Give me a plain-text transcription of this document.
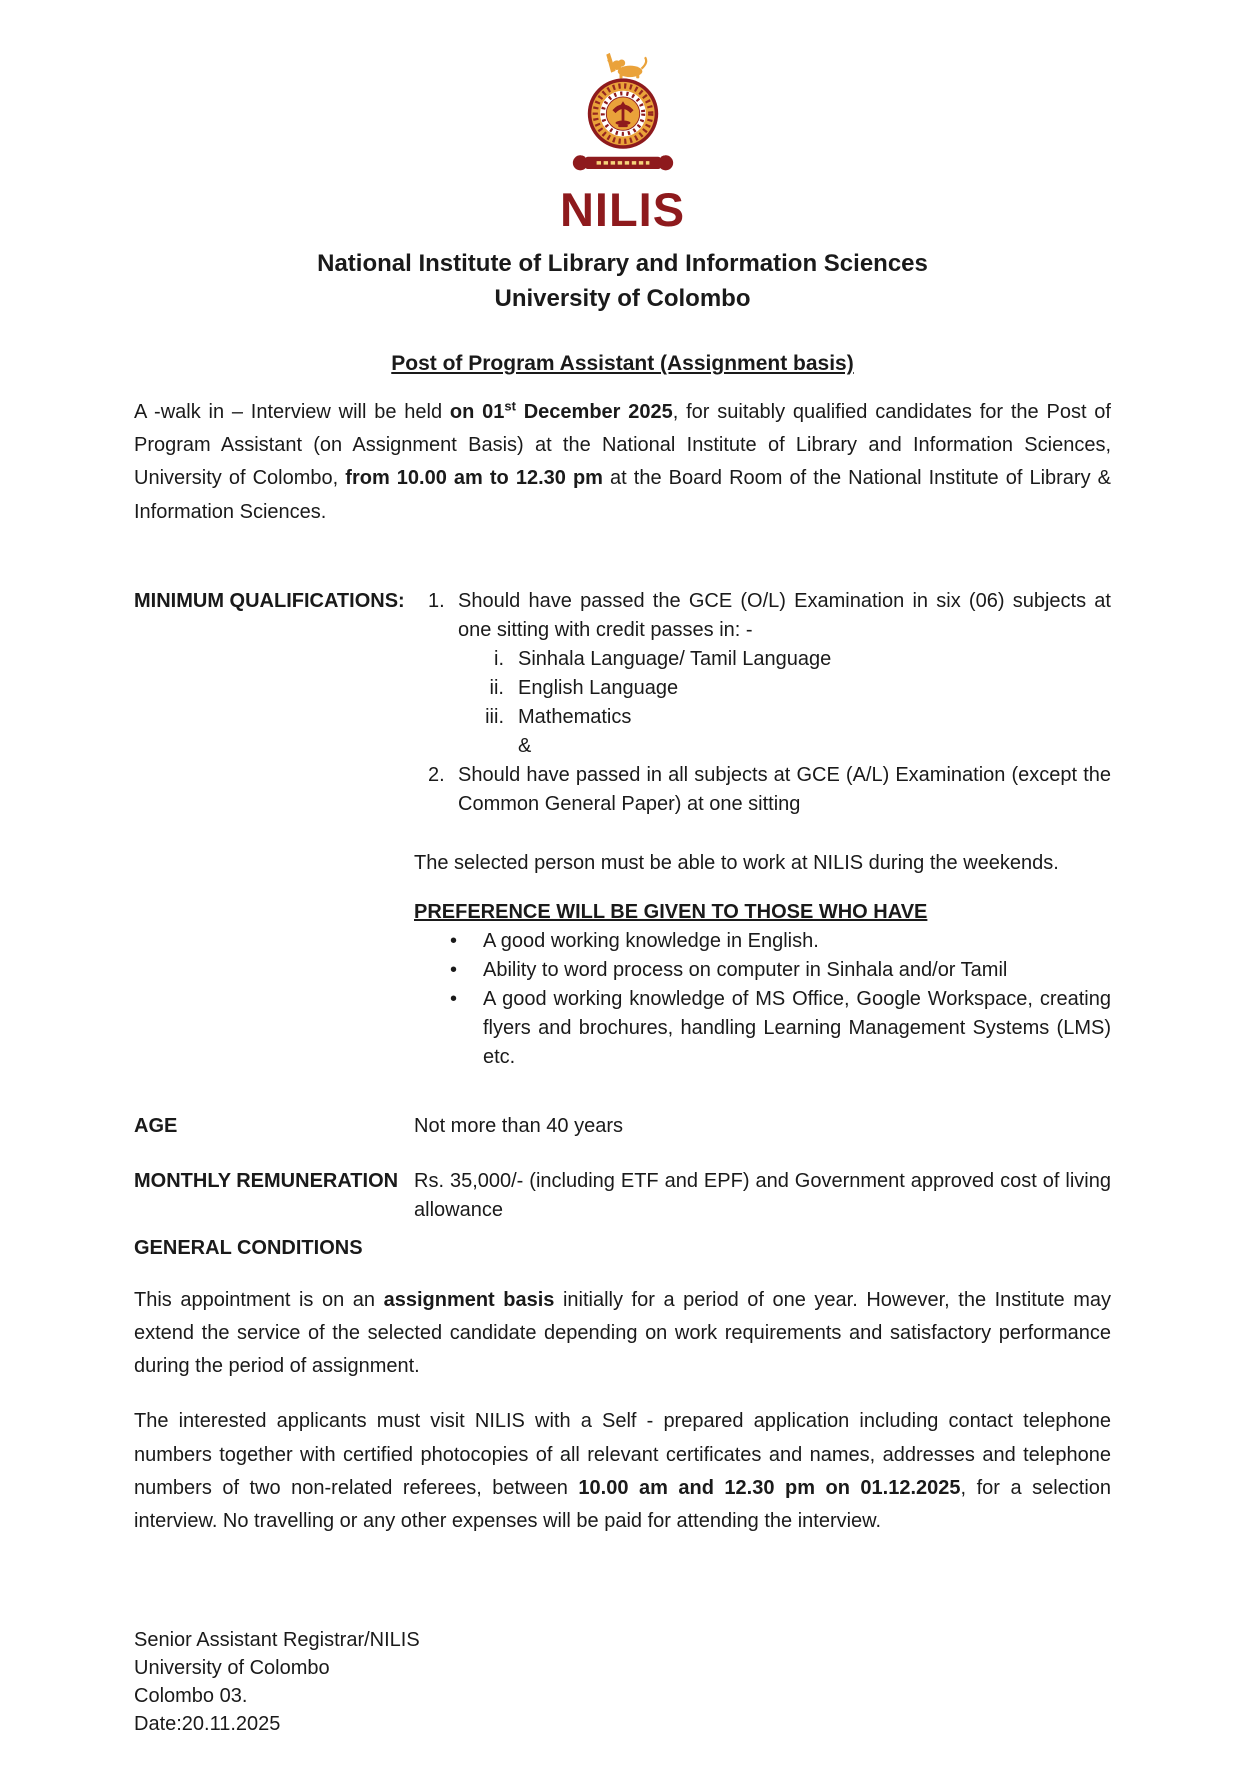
NILIS
National Institute of Library and Information Sciences
University of Colombo
Post of Program Assistant (Assignment basis)

A -walk in – Interview will be held on 01st December 2025, for suitably qualified candidates for the Post of Program Assistant (on Assignment Basis) at the National Institute of Library and Information Sciences, University of Colombo, from 10.00 am to 12.30 pm at the Board Room of the National Institute of Library & Information Sciences.

MINIMUM QUALIFICATIONS:	1. Should have passed the GCE (O/L) Examination in six (06) subjects at one sitting with credit passes in: -
i. Sinhala Language/ Tamil Language
ii. English Language
iii. Mathematics
&
2. Should have passed in all subjects at GCE (A/L) Examination (except the Common General Paper) at one sitting

The selected person must be able to work at NILIS during the weekends.

PREFERENCE WILL BE GIVEN TO THOSE WHO HAVE
•	A good working knowledge in English.
•	Ability to word process on computer in Sinhala and/or Tamil
•	A good working knowledge of MS Office, Google Workspace, creating flyers and brochures, handling Learning Management Systems (LMS) etc.
AGE	Not more than 40 years
MONTHLY REMUNERATION Rs. 35,000/- (including ETF and EPF) and Government approved cost of living allowance
GENERAL CONDITIONS

This appointment is on an assignment basis initially for a period of one year. However, the Institute may extend the service of the selected candidate depending on work requirements and satisfactory performance during the period of assignment.

The interested applicants must visit NILIS with a Self - prepared application including contact telephone numbers together with certified photocopies of all relevant certificates and names, addresses and telephone numbers of two non-related referees, between 10.00 am and 12.30 pm on 01.12.2025, for a selection interview. No travelling or any other expenses will be paid for attending the interview.

Senior Assistant Registrar/NILIS
University of Colombo
Colombo 03.
Date:20.11.2025
